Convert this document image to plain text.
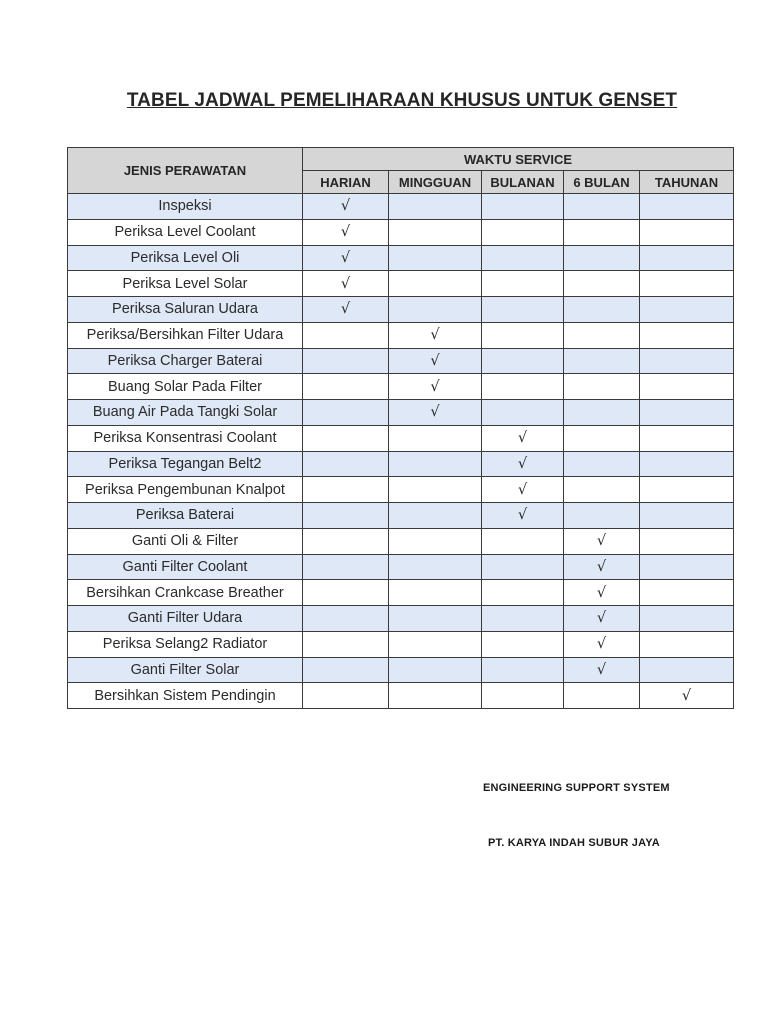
TABEL JADWAL PEMELIHARAAN KHUSUS UNTUK GENSET
JENIS PERAWATAN	WAKTU SERVICE				
	HARIAN	MINGGUAN	BULANAN	6 BULAN	TAHUNAN
Inspeksi	√				
Periksa Level Coolant	√				
Periksa Level Oli	√				
Periksa Level Solar	√				
Periksa Saluran Udara	√				
Periksa/Bersihkan Filter Udara		√			
Periksa Charger Baterai		√			
Buang Solar Pada Filter		√			
Buang Air Pada Tangki Solar		√			
Periksa Konsentrasi Coolant			√		
Periksa Tegangan Belt2			√		
Periksa Pengembunan Knalpot			√		
Periksa Baterai			√		
Ganti Oli & Filter				√	
Ganti Filter Coolant				√	
Bersihkan Crankcase Breather				√	
Ganti Filter Udara				√	
Periksa Selang2 Radiator				√	
Ganti Filter Solar				√	
Bersihkan Sistem Pendingin					√
ENGINEERING SUPPORT SYSTEM
PT. KARYA INDAH SUBUR JAYA
